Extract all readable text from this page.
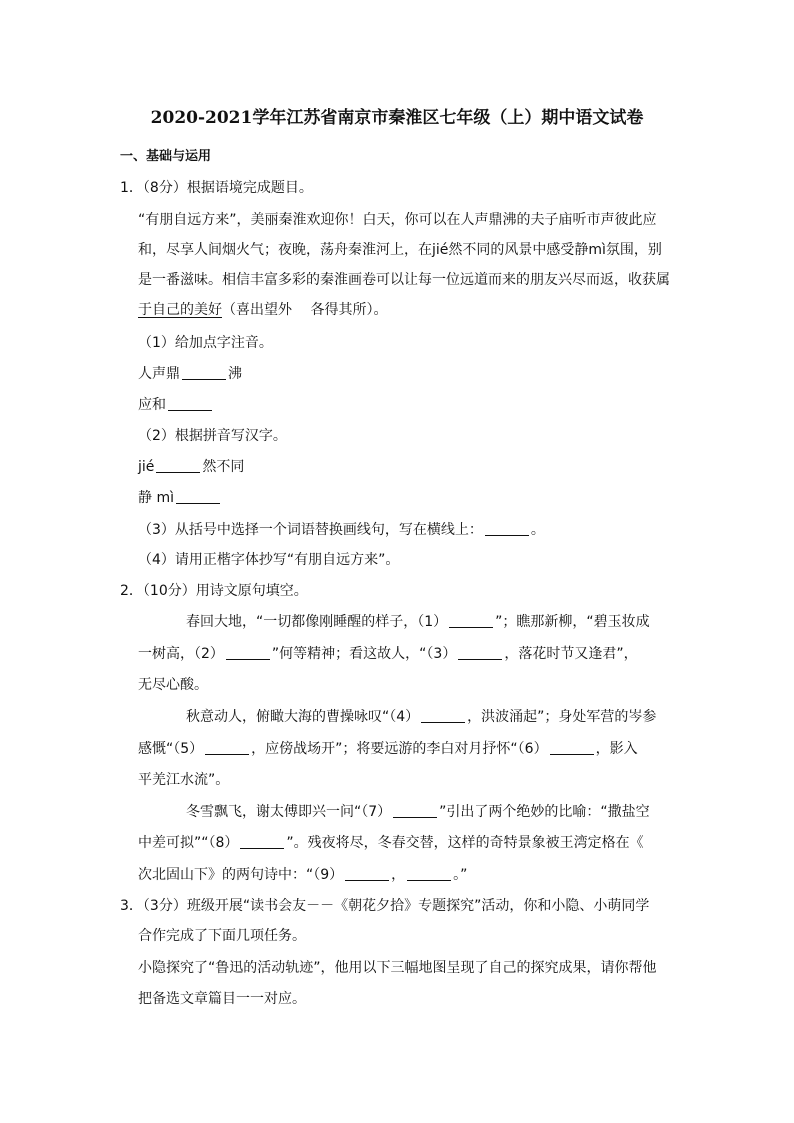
2020-2021学年江苏省南京市秦淮区七年级（上）期中语文试卷
一、基础与运用
1．（8分）根据语境完成题目。
“有朋自远方来”，美丽秦淮欢迎你！白天，你可以在人声鼎沸的夫子庙听市声彼此应
和，尽享人间烟火气；夜晚，荡舟秦淮河上，在jié然不同的风景中感受静mì氛围，别
是一番滋味。相信丰富多彩的秦淮画卷可以让每一位远道而来的朋友兴尽而返，收获属
于自己的美好（喜出望外　 各得其所）。
（1）给加点字注音。
人声鼎	沸
应和
（2）根据拼音写汉字。
jié	然不同
静 mì
（3）从括号中选择一个词语替换画线句，写在横线上：	。
（4）请用正楷字体抄写“有朋自远方来”。
2．（10分）用诗文原句填空。
春回大地，“一切都像刚睡醒的样子，（1）	”；瞧那新柳，“碧玉妆成
一树高，（2）	”何等精神；看这故人，“（3）	，落花时节又逢君”，
无尽心酸。
秋意动人，俯瞰大海的曹操咏叹“（4）	，洪波涌起”；身处军营的岑参
感慨“（5）	，应傍战场开”；将要远游的李白对月抒怀“（6）	，影入
平羌江水流”。
冬雪飘飞，谢太傅即兴一问“（7）	”引出了两个绝妙的比喻：“撒盐空
中差可拟”“（8）	”。残夜将尽，冬春交替，这样的奇特景象被王湾定格在《
次北固山下》的两句诗中：“（9）	，	。”
3．（3分）班级开展“读书会友－－《朝花夕拾》专题探究”活动，你和小隐、小萌同学
合作完成了下面几项任务。
小隐探究了“鲁迅的活动轨迹”，他用以下三幅地图呈现了自己的探究成果，请你帮他
把备选文章篇目一一对应。
